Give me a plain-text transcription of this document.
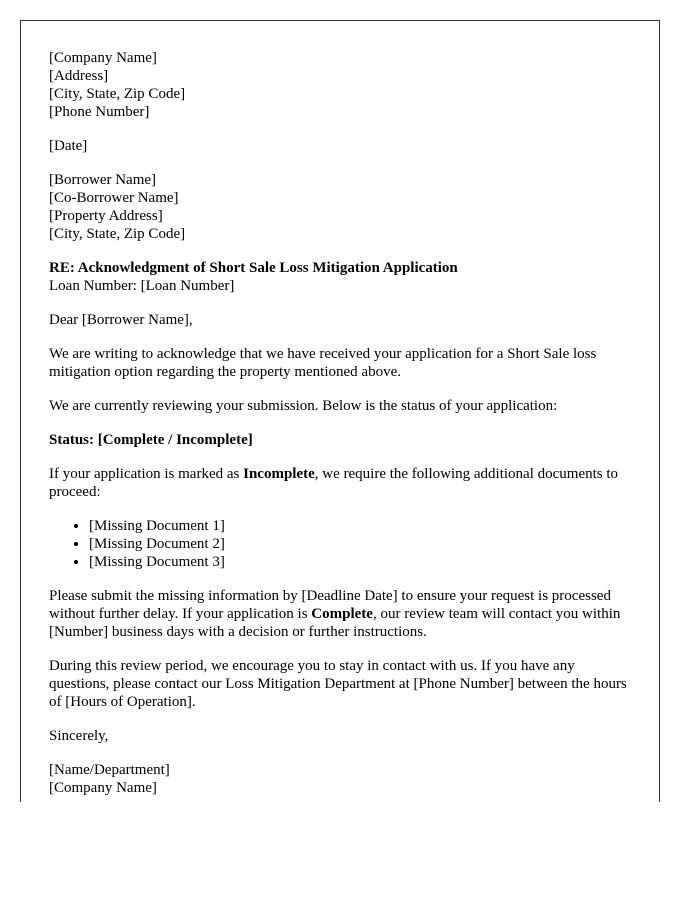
[Company Name]
[Address]
[City, State, Zip Code]
[Phone Number]

[Date]

[Borrower Name]
[Co-Borrower Name]
[Property Address]
[City, State, Zip Code]

RE: Acknowledgment of Short Sale Loss Mitigation Application
Loan Number: [Loan Number]

Dear [Borrower Name],

We are writing to acknowledge that we have received your application for a Short Sale loss mitigation option regarding the property mentioned above.

We are currently reviewing your submission. Below is the status of your application:

Status: [Complete / Incomplete]

If your application is marked as Incomplete, we require the following additional documents to proceed:

• [Missing Document 1]
• [Missing Document 2]
• [Missing Document 3]

Please submit the missing information by [Deadline Date] to ensure your request is processed without further delay. If your application is Complete, our review team will contact you within [Number] business days with a decision or further instructions.

During this review period, we encourage you to stay in contact with us. If you have any questions, please contact our Loss Mitigation Department at [Phone Number] between the hours of [Hours of Operation].

Sincerely,

[Name/Department]
[Company Name]
